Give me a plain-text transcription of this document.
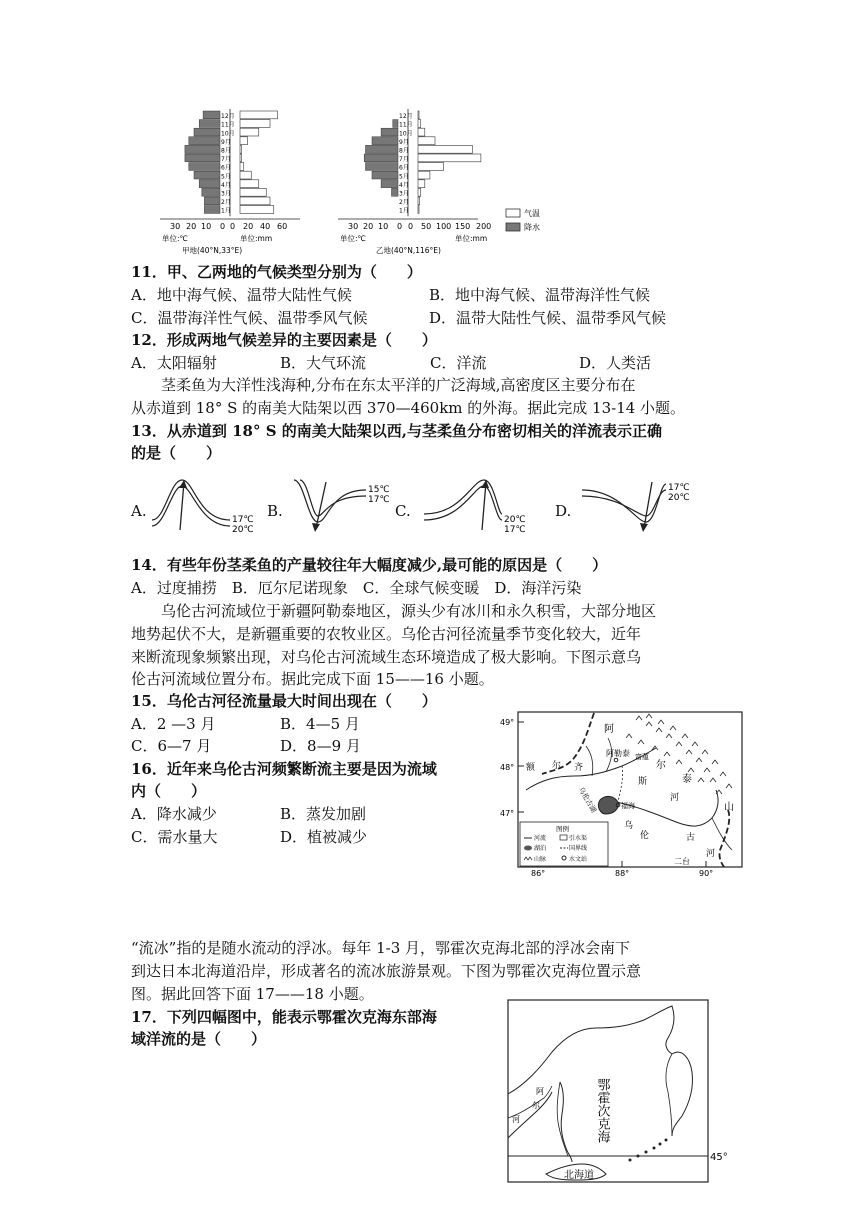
12月
11月
10月
9月
8月
7月
6月
5月
4月
3月
2月
1月
12月
11月
10月
9月
8月
7月
6月
5月
4月
3月
2月
1月
30 20 10 0 0 20 40 60
单位:℃	单位:mm
甲地(40°N,33°E)
30 20 10 0 0 50 100 150 200
单位:℃	单位:mm
乙地(40°N,116°E)
气温
降水
11．甲、乙两地的气候类型分别为（　　）
A．地中海气候、温带大陆性气候	B．地中海气候、温带海洋性气候
C．温带海洋性气候、温带季风气候	D．温带大陆性气候、温带季风气候
12．形成两地气候差异的主要因素是（　　）
A．太阳辐射	B．大气环流	C．洋流	D．人类活
茎柔鱼为大洋性浅海种,分布在东太平洋的广泛海域,高密度区主要分布在
从赤道到 18° S 的南美大陆架以西 370—460km 的外海。据此完成 13-14 小题。
13．从赤道到 18° S 的南美大陆架以西,与茎柔鱼分布密切相关的洋流表示正确
的是（　　）
A.	B.	C.	D.
17℃
20℃
15℃
17℃
20℃
17℃
17℃
20℃
14．有些年份茎柔鱼的产量较往年大幅度减少,最可能的原因是（　　）
A．过度捕捞　B．厄尔尼诺现象　C．全球气候变暖　D．海洋污染
乌伦古河流域位于新疆阿勒泰地区，源头少有冰川和永久积雪，大部分地区
地势起伏不大，是新疆重要的农牧业区。乌伦古河径流量季节变化较大，近年
来断流现象频繁出现，对乌伦古河流域生态环境造成了极大影响。下图示意乌
伦古河流域位置分布。据此完成下面 15——16 小题。
15．乌伦古河径流量最大时间出现在（　　）
A．2 —3 月	B．4—5 月
C．6—7 月	D．8—9 月
16．近年来乌伦古河频繁断流主要是因为流域
内（　　）
A．降水减少	B．蒸发加剧
C．需水量大	D．植被减少
49°
48°
47°
86°	88°	90°
阿勒泰 富蕴
福海
乌伦古湖
二台
阿
尔
泰
山
额 尔 齐
斯
河
乌
伦	古
河
图例
河流
湖泊
山脉
引水渠
国界线
水文站
“流冰”指的是随水流动的浮冰。每年 1-3 月，鄂霍次克海北部的浮冰会南下
到达日本北海道沿岸，形成著名的流冰旅游景观。下图为鄂霍次克海位置示意
图。据此回答下面 17——18 小题。
17．下列四幅图中，能表示鄂霍次克海东部海
域洋流的是（　　）
45°
鄂霍次克海
北海道
阿
尔
河
